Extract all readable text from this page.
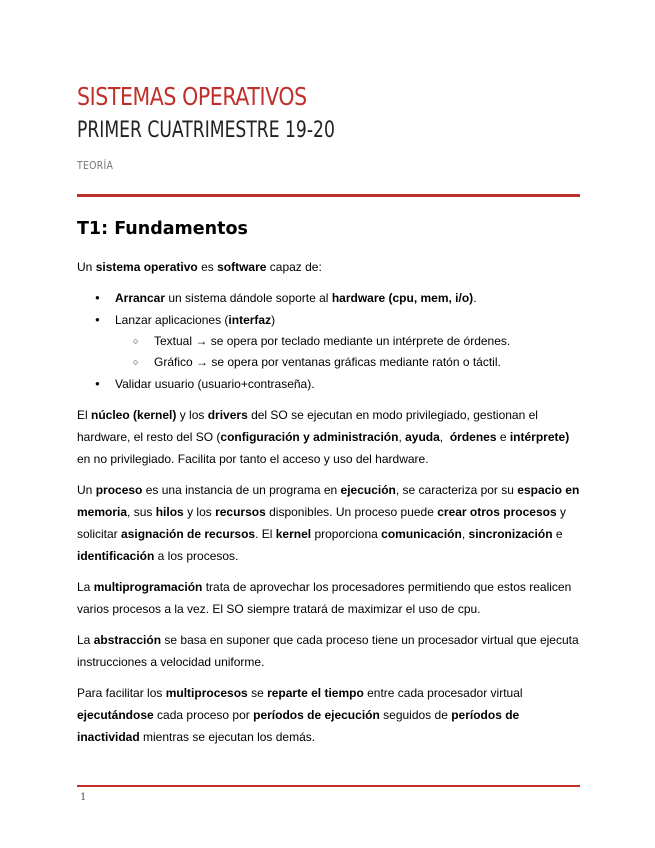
SISTEMAS OPERATIVOS
PRIMER CUATRIMESTRE 19-20
TEORÍA
T1: Fundamentos

Un sistema operativo es software capaz de:

● Arrancar un sistema dándole soporte al hardware (cpu, mem, i/o).
● Lanzar aplicaciones (interfaz)
○ Textual → se opera por teclado mediante un intérprete de órdenes.
○ Gráfico → se opera por ventanas gráficas mediante ratón o táctil.
● Validar usuario (usuario+contraseña).

El núcleo (kernel) y los drivers del SO se ejecutan en modo privilegiado, gestionan el hardware, el resto del SO (configuración y administración, ayuda,  órdenes e intérprete) en no privilegiado. Facilita por tanto el acceso y uso del hardware.

Un proceso es una instancia de un programa en ejecución, se caracteriza por su espacio en memoria, sus hilos y los recursos disponibles. Un proceso puede crear otros procesos y solicitar asignación de recursos. El kernel proporciona comunicación, sincronización e identificación a los procesos.

La multiprogramación trata de aprovechar los procesadores permitiendo que estos realicen varios procesos a la vez. El SO siempre tratará de maximizar el uso de cpu.

La abstracción se basa en suponer que cada proceso tiene un procesador virtual que ejecuta instrucciones a velocidad uniforme.

Para facilitar los multiprocesos se reparte el tiempo entre cada procesador virtual ejecutándose cada proceso por períodos de ejecución seguidos de períodos de inactividad mientras se ejecutan los demás.

1
